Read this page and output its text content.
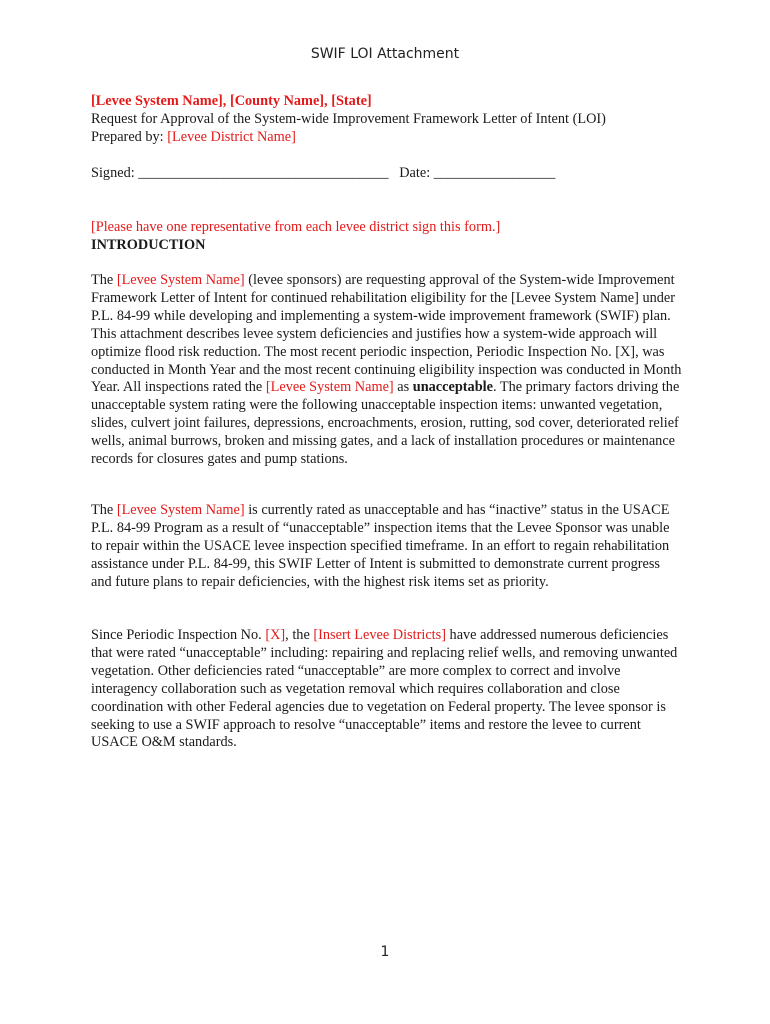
SWIF LOI Attachment

[Levee System Name], [County Name], [State]

Request for Approval of the System-wide Improvement Framework Letter of Intent (LOI)

Prepared by: [Levee District Name]

Signed: ___________________________________ Date: _________________

[Please have one representative from each levee district sign this form.]

INTRODUCTION

The [Levee System Name] (levee sponsors) are requesting approval of the System-wide Improvement Framework Letter of Intent for continued rehabilitation eligibility for the [Levee System Name] under P.L. 84-99 while developing and implementing a system-wide improvement framework (SWIF) plan. This attachment describes levee system deficiencies and justifies how a system-wide approach will optimize flood risk reduction. The most recent periodic inspection, Periodic Inspection No. [X], was conducted in Month Year and the most recent continuing eligibility inspection was conducted in Month Year. All inspections rated the [Levee System Name] as unacceptable. The primary factors driving the unacceptable system rating were the following unacceptable inspection items: unwanted vegetation, slides, culvert joint failures, depressions, encroachments, erosion, rutting, sod cover, deteriorated relief wells, animal burrows, broken and missing gates, and a lack of installation procedures or maintenance records for closures gates and pump stations.

The [Levee System Name] is currently rated as unacceptable and has “inactive” status in the USACE P.L. 84-99 Program as a result of “unacceptable” inspection items that the Levee Sponsor was unable to repair within the USACE levee inspection specified timeframe. In an effort to regain rehabilitation assistance under P.L. 84-99, this SWIF Letter of Intent is submitted to demonstrate current progress and future plans to repair deficiencies, with the highest risk items set as priority.

Since Periodic Inspection No. [X], the [Insert Levee Districts] have addressed numerous deficiencies that were rated “unacceptable” including: repairing and replacing relief wells, and removing unwanted vegetation. Other deficiencies rated “unacceptable” are more complex to correct and involve interagency collaboration such as vegetation removal which requires collaboration and close coordination with other Federal agencies due to vegetation on Federal property. The levee sponsor is seeking to use a SWIF approach to resolve “unacceptable” items and restore the levee to current USACE O&M standards.

1
